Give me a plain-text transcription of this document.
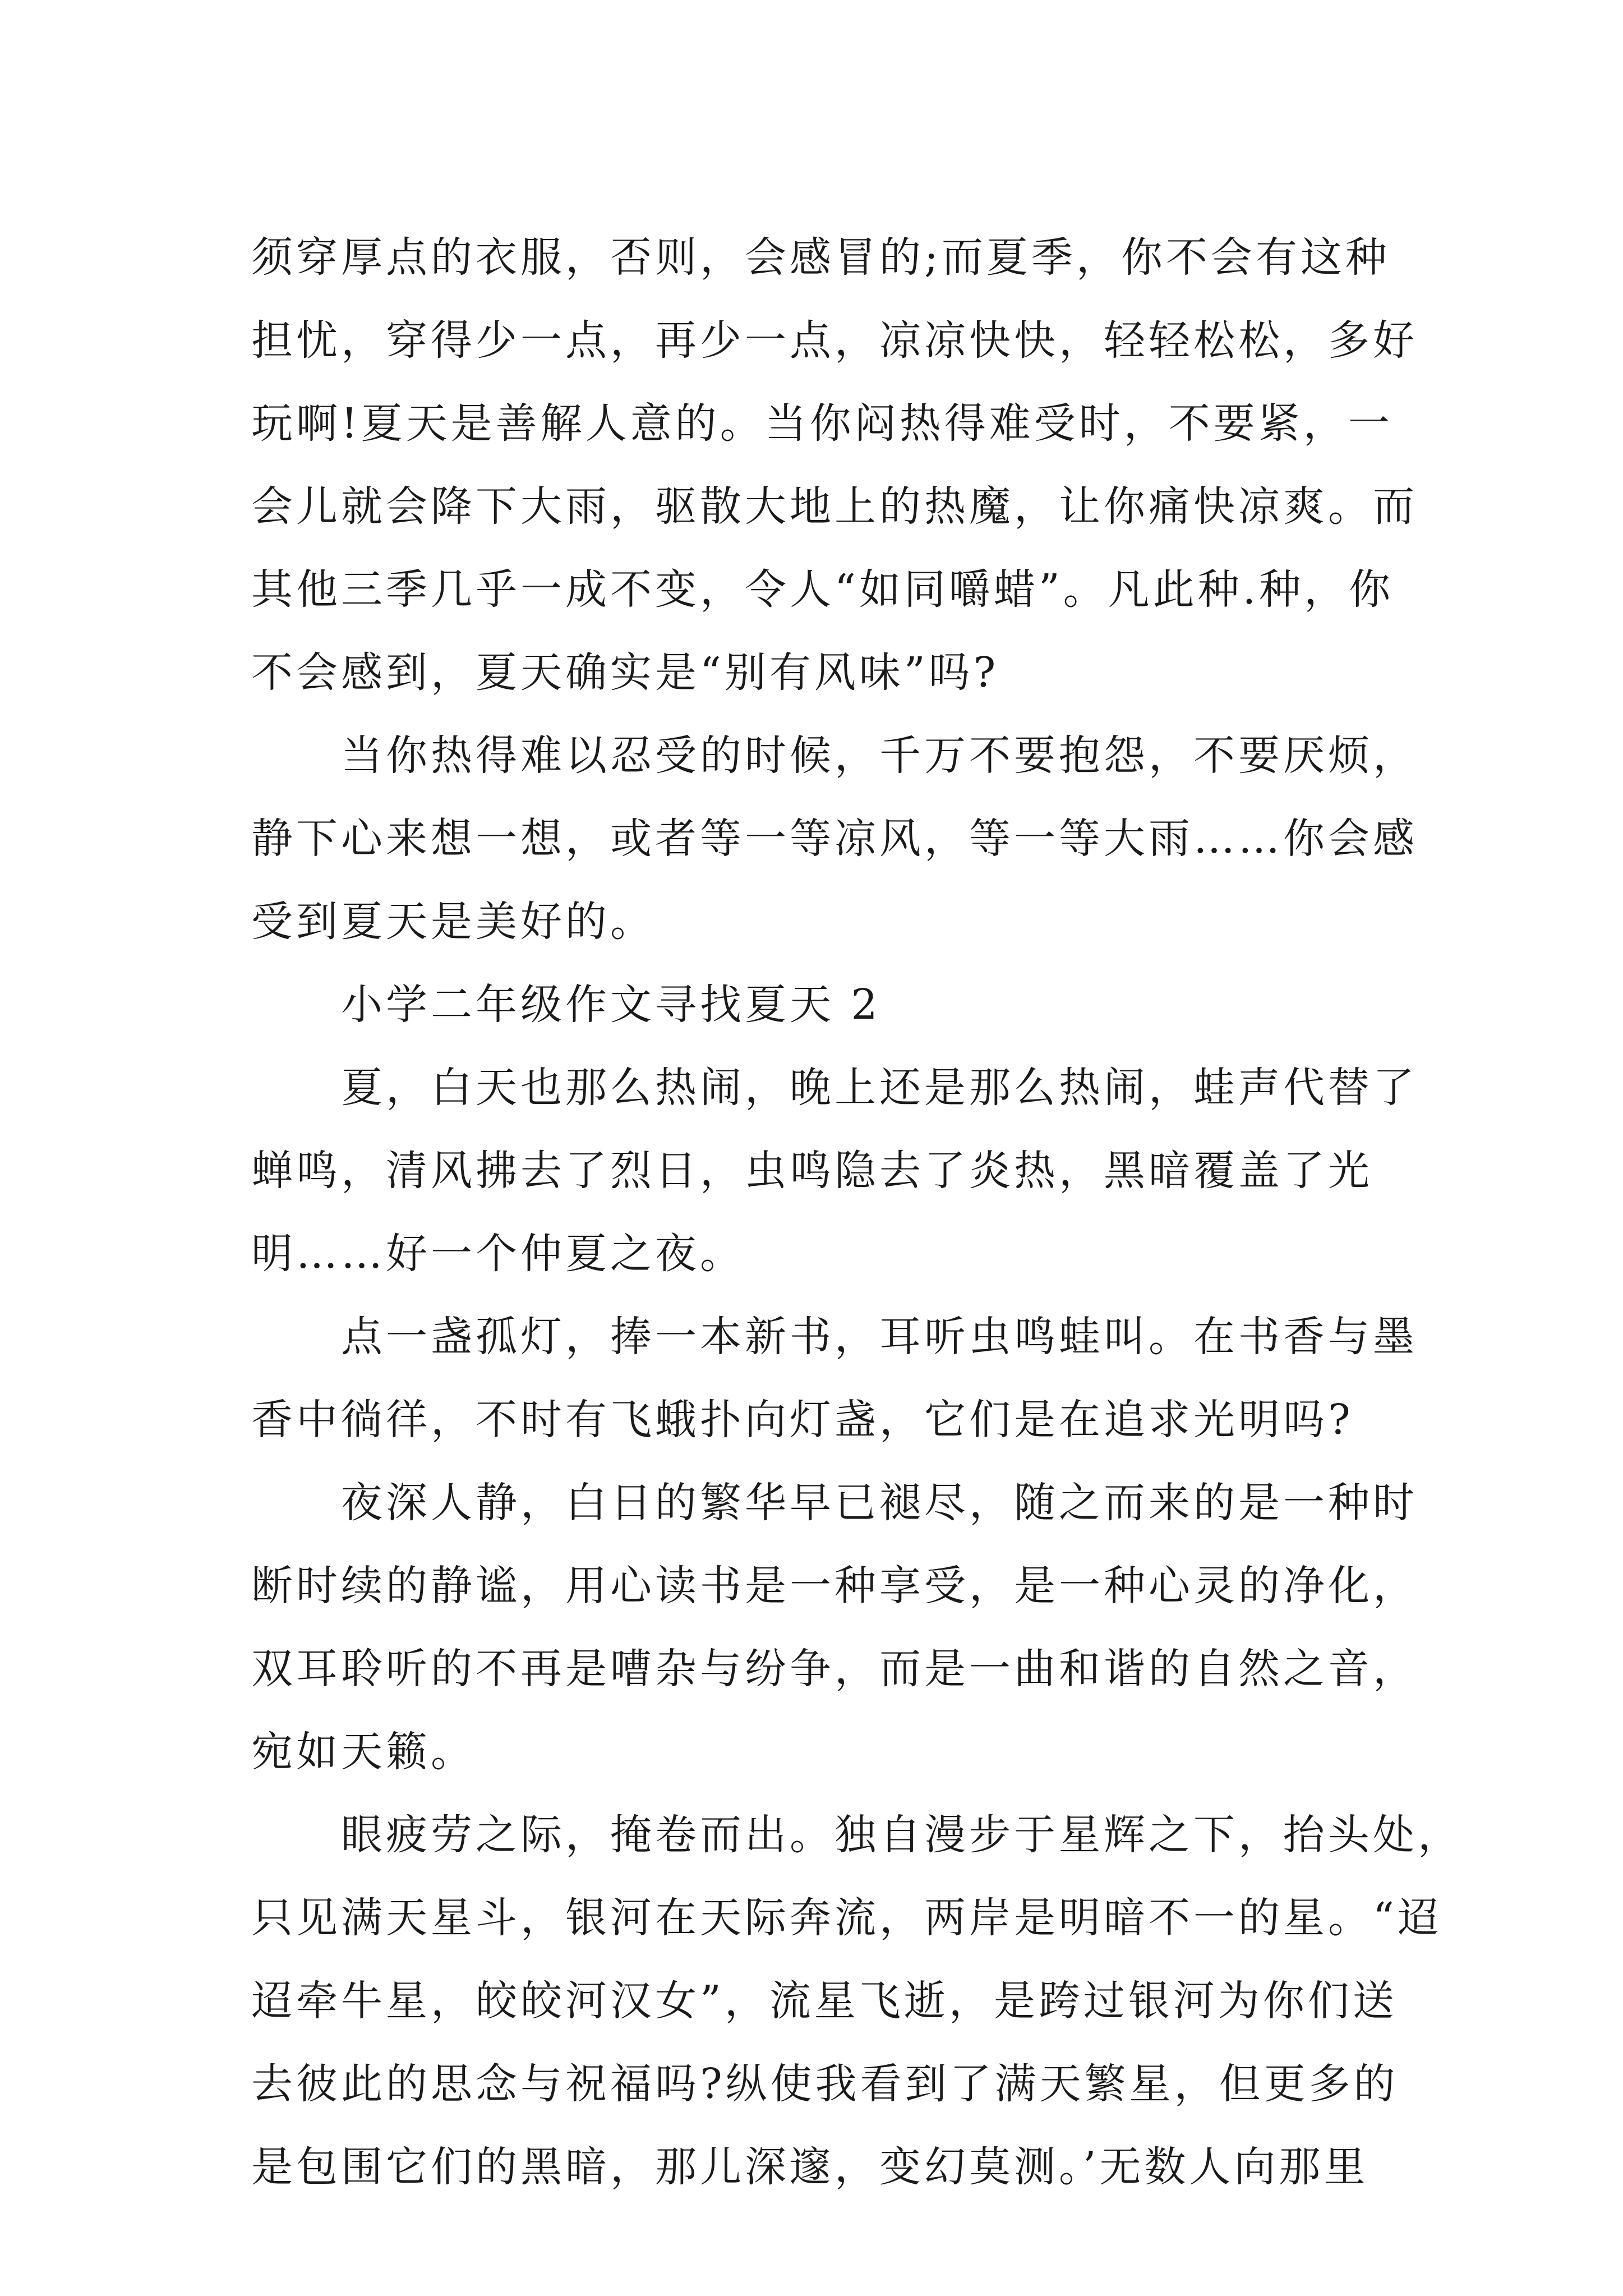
须穿厚点的衣服，否则，会感冒的;而夏季，你不会有这种
担忧，穿得少一点，再少一点，凉凉快快，轻轻松松，多好
玩啊!夏天是善解人意的。当你闷热得难受时，不要紧，一
会儿就会降下大雨，驱散大地上的热魔，让你痛快凉爽。而
其他三季几乎一成不变，令人“如同嚼蜡”。凡此种.种，你
不会感到，夏天确实是“别有风味”吗?
当你热得难以忍受的时候，千万不要抱怨，不要厌烦，
静下心来想一想，或者等一等凉风，等一等大雨……你会感
受到夏天是美好的。
小学二年级作文寻找夏天 2
夏，白天也那么热闹，晚上还是那么热闹，蛙声代替了
蝉鸣，清风拂去了烈日，虫鸣隐去了炎热，黑暗覆盖了光
明……好一个仲夏之夜。
点一盏孤灯，捧一本新书，耳听虫鸣蛙叫。在书香与墨
香中徜徉，不时有飞蛾扑向灯盏，它们是在追求光明吗?
夜深人静，白日的繁华早已褪尽，随之而来的是一种时
断时续的静谧，用心读书是一种享受，是一种心灵的净化，
双耳聆听的不再是嘈杂与纷争，而是一曲和谐的自然之音，
宛如天籁。
眼疲劳之际，掩卷而出。独自漫步于星辉之下，抬头处，
只见满天星斗，银河在天际奔流，两岸是明暗不一的星。“迢
迢牵牛星，皎皎河汉女”，流星飞逝，是跨过银河为你们送
去彼此的思念与祝福吗?纵使我看到了满天繁星，但更多的
是包围它们的黑暗，那儿深邃，变幻莫测。’无数人向那里
